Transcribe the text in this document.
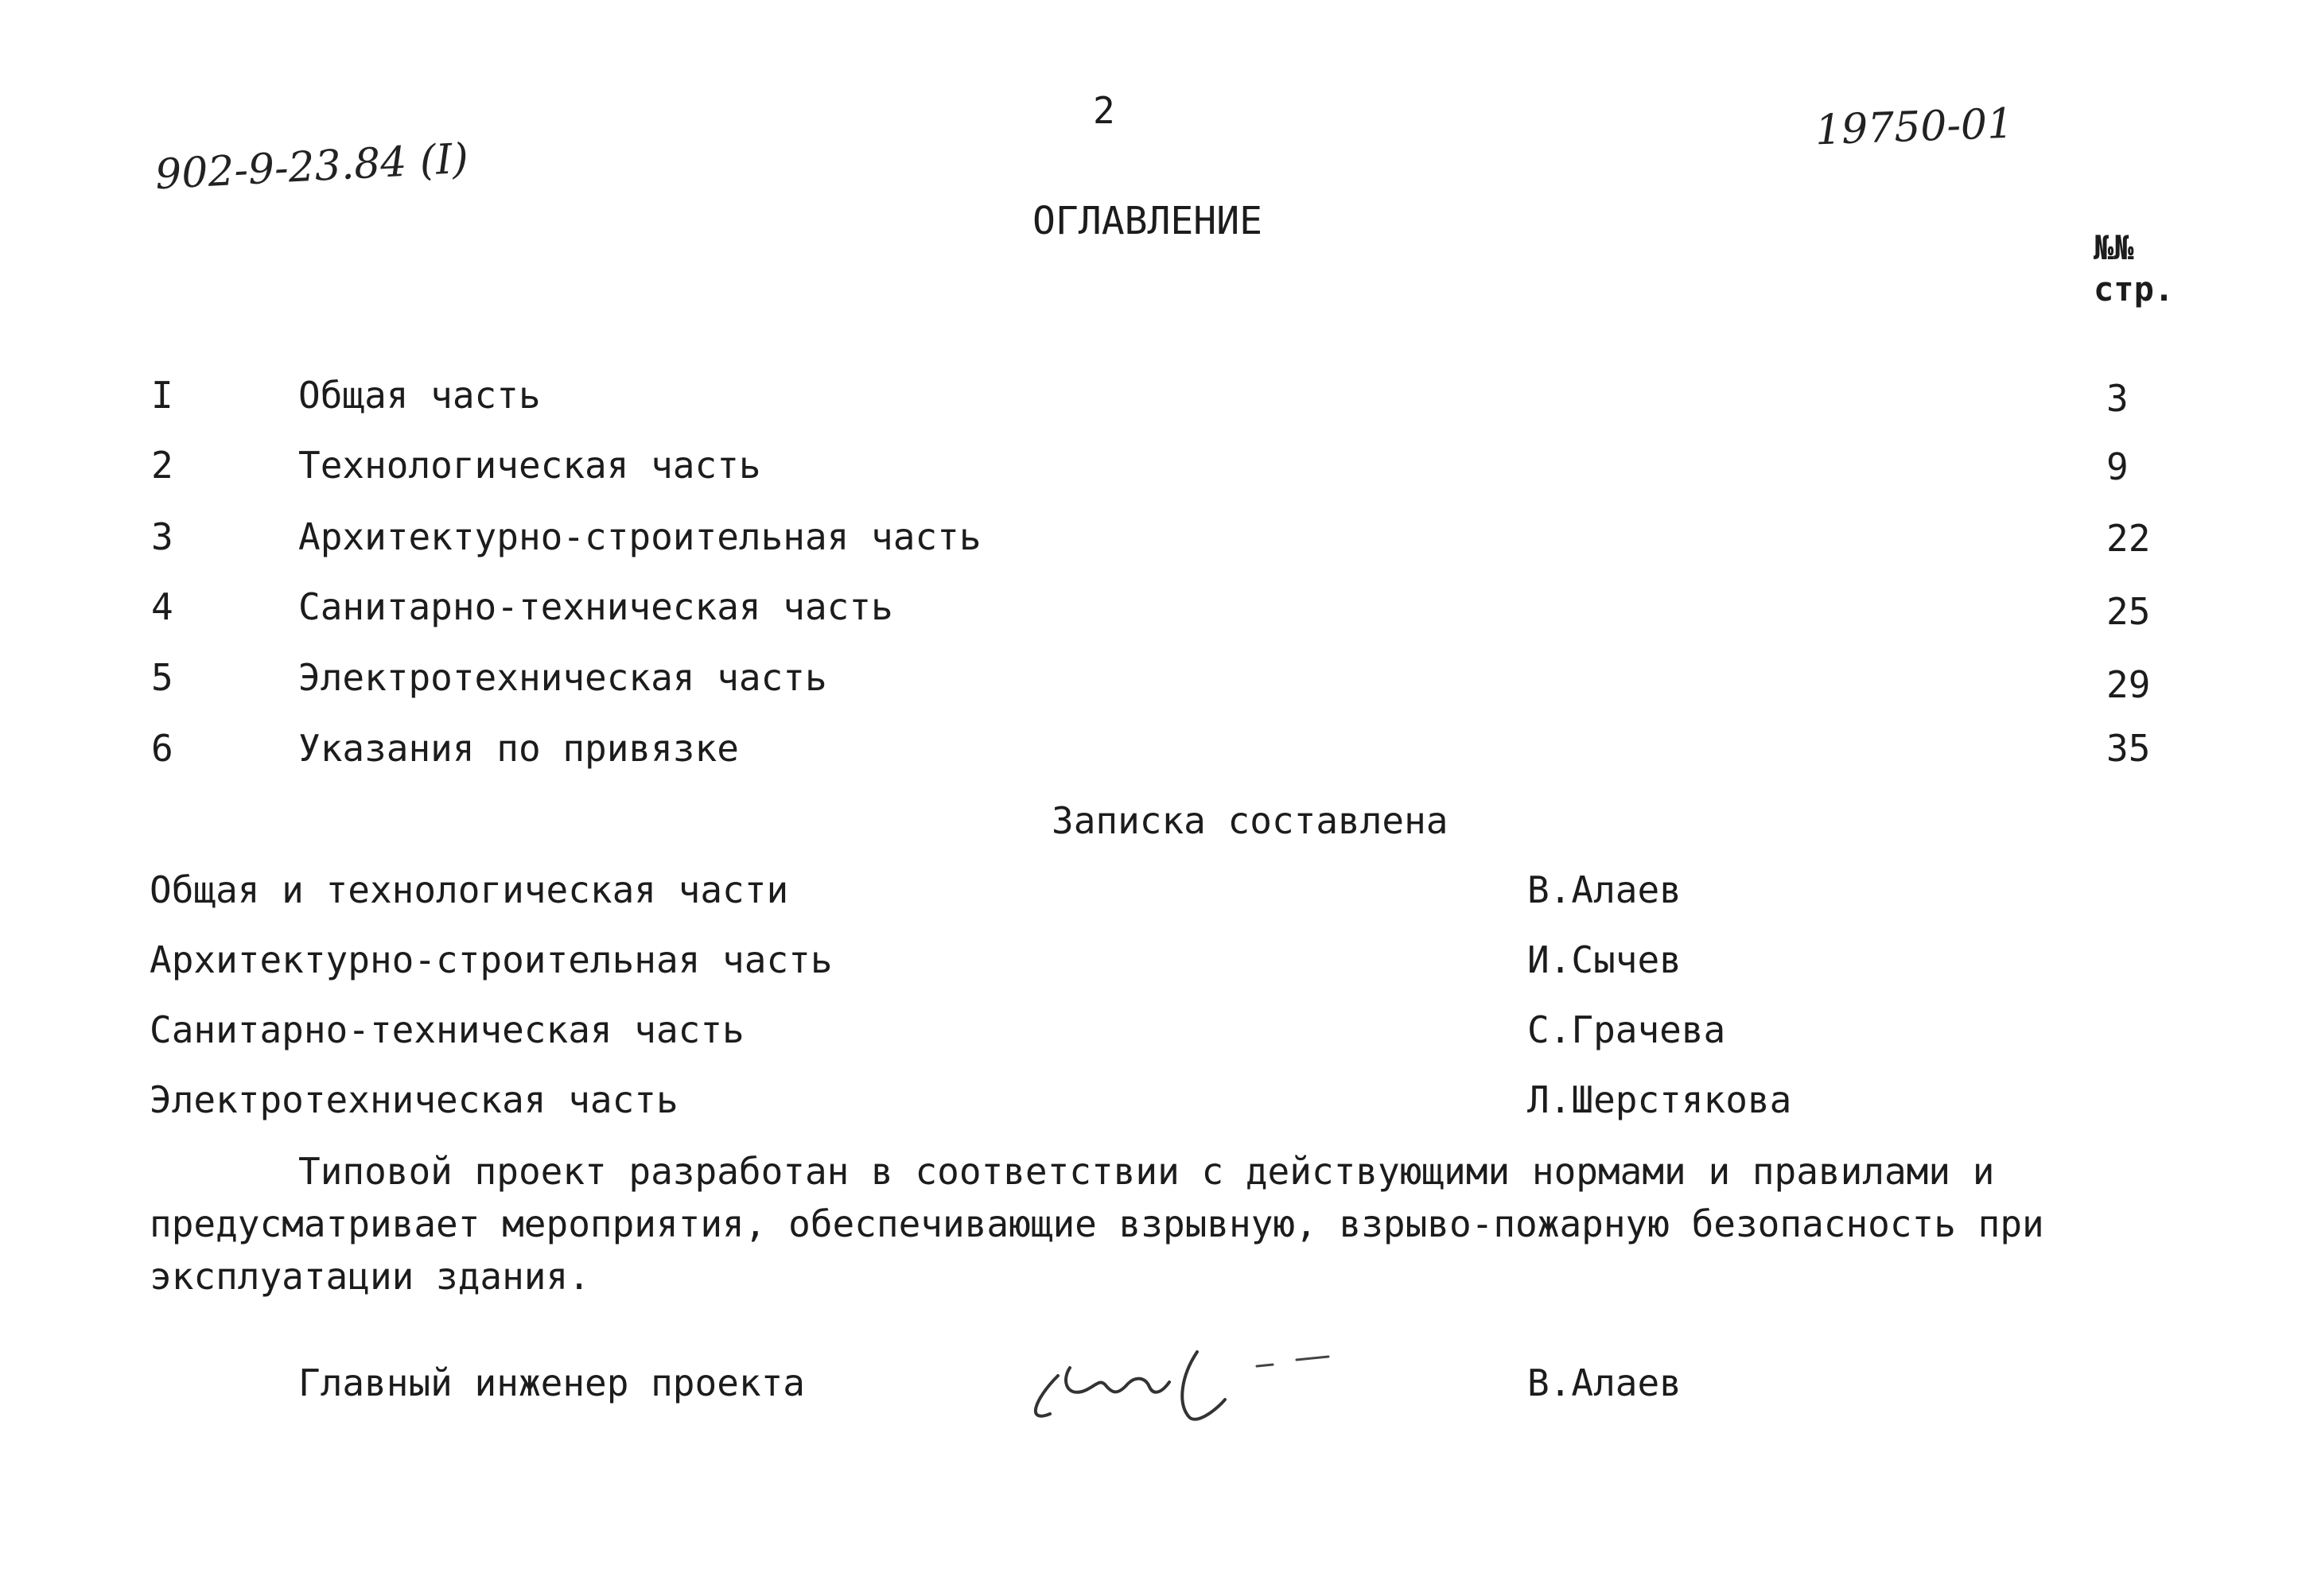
2
902-9-23.84 (I)
19750-01
ОГЛАВЛЕНИЕ
№№
стр.
I	Общая часть	3
2	Технологическая часть	9
3	Архитектурно-строительная часть	22
4	Санитарно-техническая часть	25
5	Электротехническая часть	29
6	Указания по привязке	35
Записка составлена
Общая и технологическая части	В.Алаев
Архитектурно-строительная часть	И.Сычев
Санитарно-техническая часть	С.Грачева
Электротехническая часть	Л.Шерстякова
Типовой проект разработан в соответствии с действующими нормами и правилами и предусматривает мероприятия, обеспечивающие взрывную, взрыво-пожарную безопасность при эксплуатации здания.
Главный инженер проекта	В.Алаев
